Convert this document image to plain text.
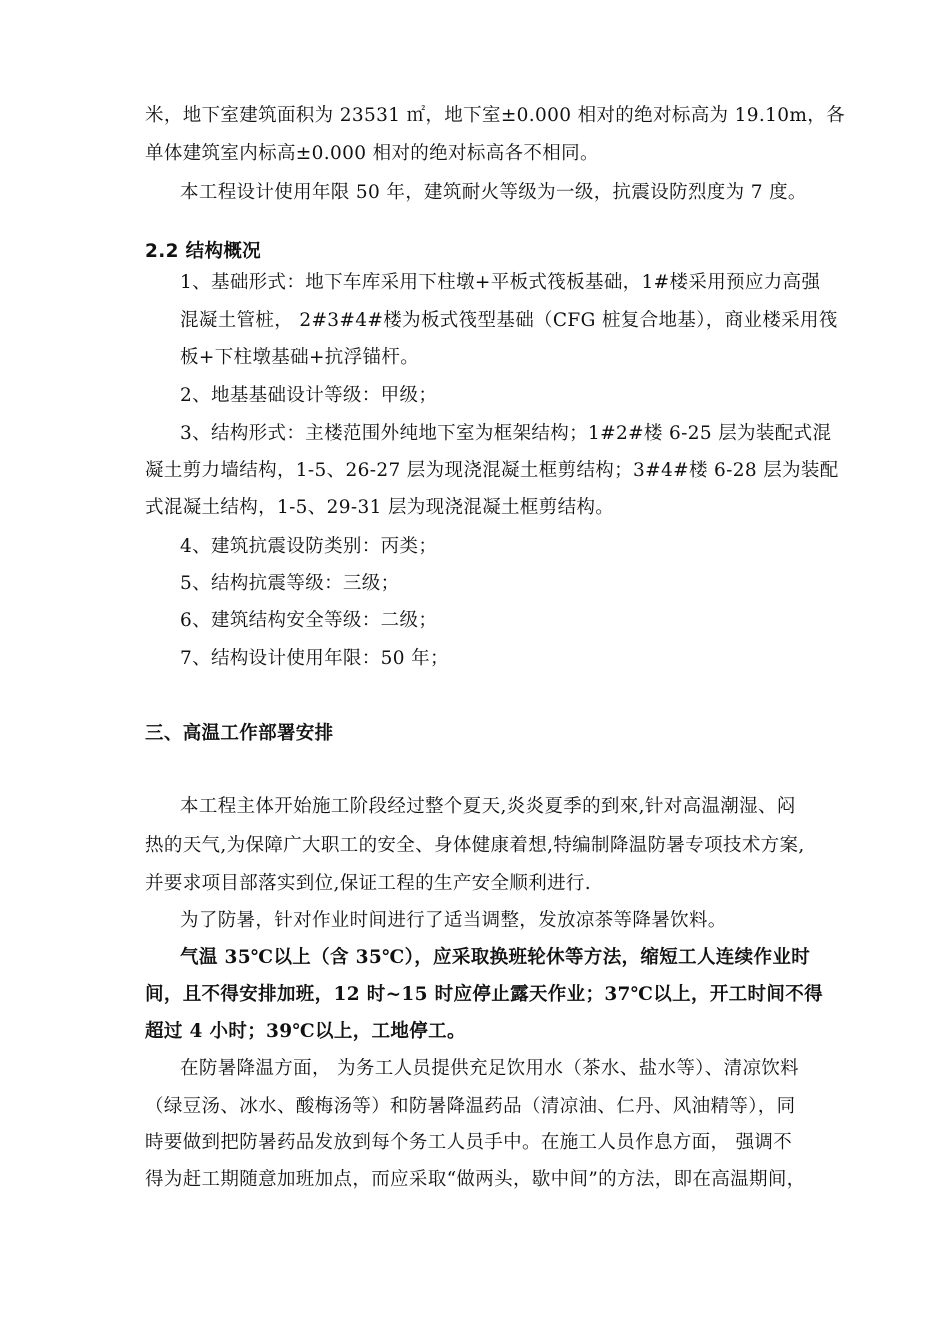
米，地下室建筑面积为 23531 ㎡，地下室±0.000 相对的绝对标高为 19.10m，各
单体建筑室内标高±0.000 相对的绝对标高各不相同。
本工程设计使用年限 50 年，建筑耐火等级为一级，抗震设防烈度为 7 度。
2.2 结构概况
1、基础形式：地下车库采用下柱墩+平板式筏板基础，1#楼采用预应力高强
混凝土管桩， 2#3#4#楼为板式筏型基础（CFG 桩复合地基），商业楼采用筏
板+下柱墩基础+抗浮锚杆。
2、地基基础设计等级：甲级；
3、结构形式：主楼范围外纯地下室为框架结构；1#2#楼 6-25 层为装配式混
凝土剪力墙结构，1-5、26-27 层为现浇混凝土框剪结构；3#4#楼 6-28 层为装配
式混凝土结构，1-5、29-31 层为现浇混凝土框剪结构。
4、建筑抗震设防类别：丙类；
5、结构抗震等级：三级；
6、建筑结构安全等级：二级；
7、结构设计使用年限：50 年；
三、高温工作部署安排
本工程主体开始施工阶段经过整个夏天,炎炎夏季的到來,针对高温潮湿、闷
热的天气,为保障广大职工的安全、身体健康着想,特编制降温防暑专项技术方案,
并要求项目部落实到位,保证工程的生产安全顺利进行.
为了防暑，针对作业时间进行了适当调整，发放凉茶等降暑饮料。
气温 35℃以上（含 35℃），应采取换班轮休等方法，缩短工人连续作业时
间，且不得安排加班，12 时~15 时应停止露天作业；37℃以上，开工时间不得
超过 4 小时；39℃以上，工地停工。
在防暑降温方面， 为务工人员提供充足饮用水（茶水、盐水等）、清凉饮料
（绿豆汤、冰水、酸梅汤等）和防暑降温药品（清凉油、仁丹、风油精等），同
時要做到把防暑药品发放到每个务工人员手中。在施工人员作息方面， 强调不
得为赶工期随意加班加点，而应采取“做两头，歇中间”的方法，即在高温期间，
